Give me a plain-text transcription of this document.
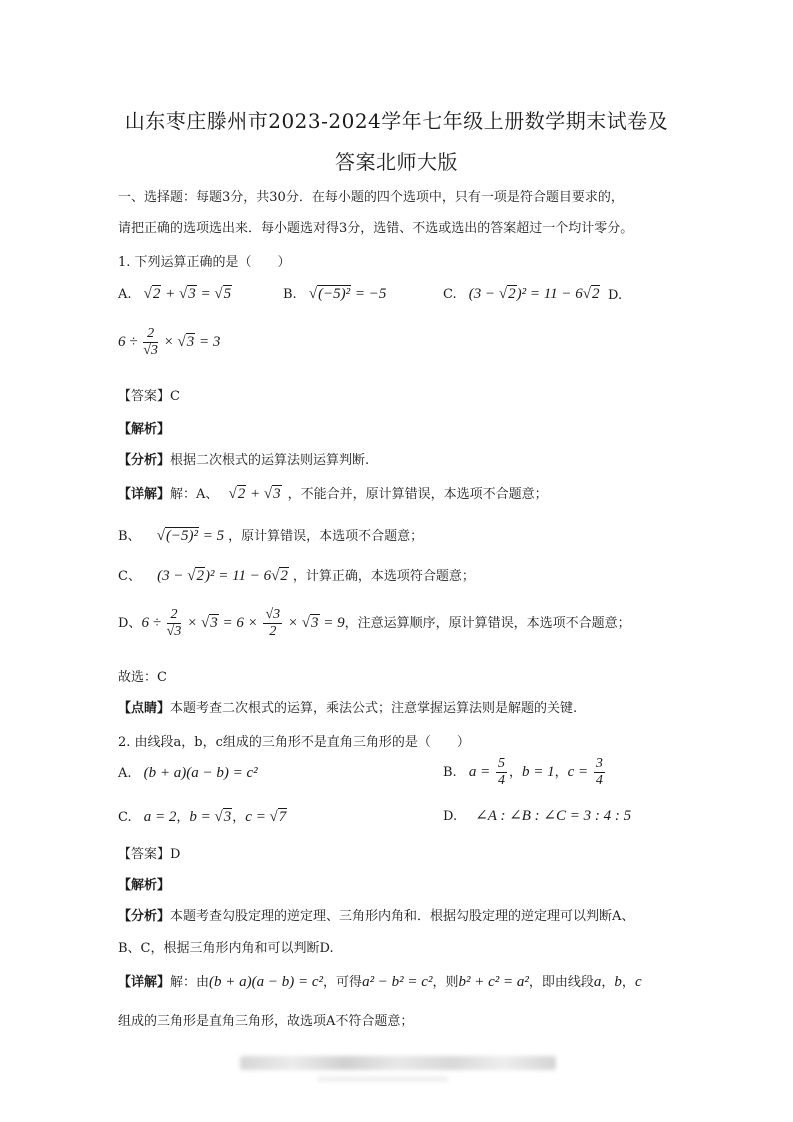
山东枣庄滕州市2023-2024学年七年级上册数学期末试卷及
答案北师大版
一、选择题：每题3分，共30分．在每小题的四个选项中，只有一项是符合题目要求的，
请把正确的选项选出来．每小题选对得3分，选错、不选或选出的答案超过一个均计零分。
1. 下列运算正确的是（　　）
A. √2 + √3 = √5	B. √(−5)² = −5	C. (3 − √2)² = 11 − 6√2 D.
$6 \div \frac{2}{√3} \times √3 = 3$
【答案】C
【解析】
【分析】根据二次根式的运算法则运算判断.
【详解】解：A、 √2 + √3 ，不能合并，原计算错误，本选项不合题意；
B、 √(−5)² = 5 ，原计算错误，本选项不合题意；
C、 (3 − √2)² = 11 − 6√2 ，计算正确，本选项符合题意；
D、$6 \div \frac{2}{√3} \times √3 = 6 \times \frac{√3}{2} \times √3 = 9$，注意运算顺序，原计算错误，本选项不合题意；
故选：C
【点睛】本题考查二次根式的运算，乘法公式；注意掌握运算法则是解题的关键.
2. 由线段a，b，c组成的三角形不是直角三角形的是（　　）
A. (b + a)(a − b) = c²	B. $a = \frac{5}{4}$ ，b = 1，$c = \frac{3}{4}$
C. a = 2，b = √3，c = √7	D. ∠A : ∠B : ∠C = 3 : 4 : 5
【答案】D
【解析】
【分析】本题考查勾股定理的逆定理、三角形内角和．根据勾股定理的逆定理可以判断A、
B、C，根据三角形内角和可以判断D.
【详解】解：由(b + a)(a − b) = c²，可得a² − b² = c²，则b² + c² = a²，即由线段a，b，c
组成的三角形是直角三角形，故选项A不符合题意；
